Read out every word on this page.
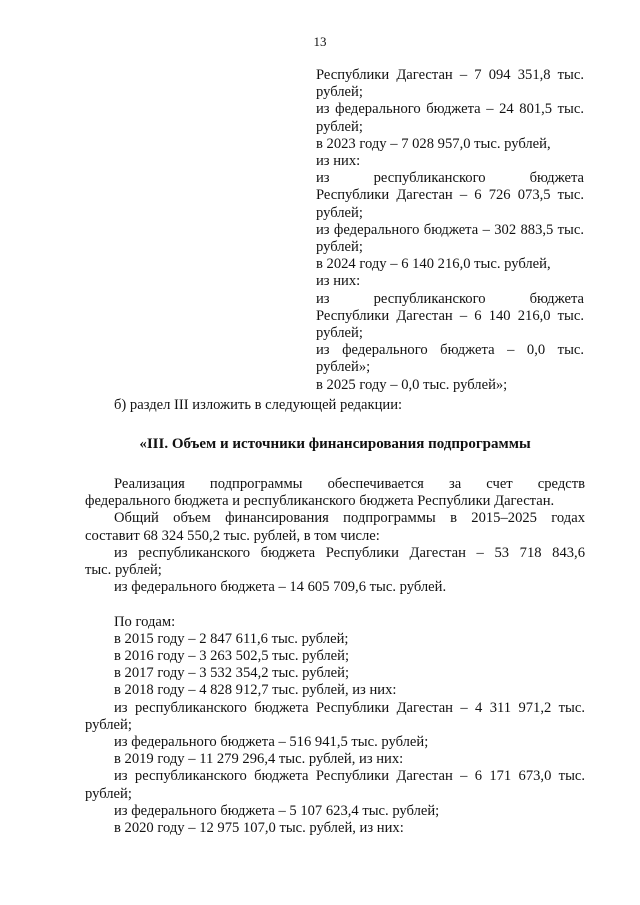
13
Республики Дагестан – 7 094 351,8 тыс.
рублей;
из федерального бюджета – 24 801,5 тыс.
рублей;
в 2023 году – 7 028 957,0 тыс. рублей,
из них:
из республиканского бюджета
Республики Дагестан – 6 726 073,5 тыс.
рублей;
из федерального бюджета – 302 883,5 тыс.
рублей;
в 2024 году – 6 140 216,0 тыс. рублей,
из них:
из республиканского бюджета
Республики Дагестан – 6 140 216,0 тыс.
рублей;
из федерального бюджета – 0,0 тыс.
рублей»;
в 2025 году – 0,0 тыс. рублей»;
б) раздел III изложить в следующей редакции:
«III. Объем и источники финансирования подпрограммы
Реализация подпрограммы обеспечивается за счет средств
федерального бюджета и республиканского бюджета Республики Дагестан.
Общий объем финансирования подпрограммы в 2015–2025 годах
составит 68 324 550,2 тыс. рублей, в том числе:
из республиканского бюджета Республики Дагестан – 53 718 843,6
тыс. рублей;
из федерального бюджета – 14 605 709,6 тыс. рублей.
По годам:
в 2015 году – 2 847 611,6 тыс. рублей;
в 2016 году – 3 263 502,5 тыс. рублей;
в 2017 году – 3 532 354,2 тыс. рублей;
в 2018 году – 4 828 912,7 тыс. рублей, из них:
из республиканского бюджета Республики Дагестан – 4 311 971,2 тыс.
рублей;
из федерального бюджета – 516 941,5 тыс. рублей;
в 2019 году – 11 279 296,4 тыс. рублей, из них:
из республиканского бюджета Республики Дагестан – 6 171 673,0 тыс.
рублей;
из федерального бюджета – 5 107 623,4 тыс. рублей;
в 2020 году – 12 975 107,0 тыс. рублей, из них:
